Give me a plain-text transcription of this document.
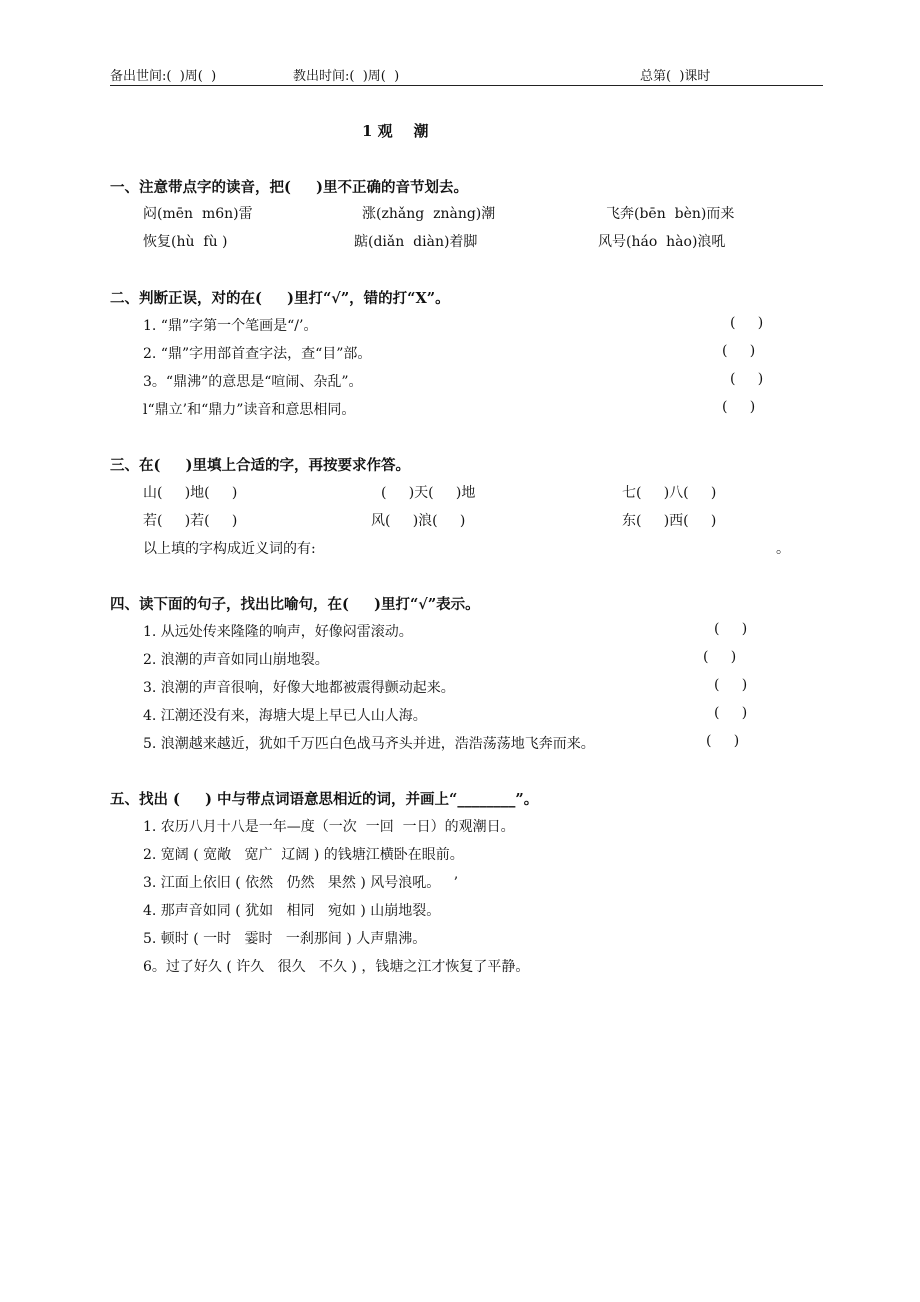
备出世间:(  )周(  )	教出时间:(  )周(  )	总第(  )课时
1 观    潮
一、注意带点字的读音，把(     )里不正确的音节划去。
闷(mēn  m6n)雷	涨(zhǎng  znàng)潮	飞奔(bēn  bèn)而来
恢复(hù  fù )	踮(diǎn  diàn)着脚	风号(háo  hào)浪吼
二、判断正误，对的在(     )里打“√”，错的打“X”。
1. “鼎”字第一个笔画是“/’。	(     )
2. “鼎”字用部首查字法，查“目”部。	(     )
3。“鼎沸”的意思是“喧闹、杂乱”。	(     )
l“鼎立’和“鼎力”读音和意思相同。	(     )
三、在(     )里填上合适的字，再按要求作答。
山(     )地(     )	(     )天(     )地	七(     )八(     )
若(     )若(     )	风(     )浪(     )	东(     )西(     )
以上填的字构成近义词的有:	。
四、读下面的句子，找出比喻句，在(     )里打“√”表示。
1. 从远处传来隆隆的响声，好像闷雷滚动。	(     )
2. 浪潮的声音如同山崩地裂。	(     )
3. 浪潮的声音很响，好像大地都被震得颤动起来。	(     )
4. 江潮还没有来，海塘大堤上早已人山人海。	(     )
5. 浪潮越来越近，犹如千万匹白色战马齐头并进，浩浩荡荡地飞奔而来。	(     )
五、找出 (     ) 中与带点词语意思相近的词，并画上“________”。
1. 农历八月十八是一年—度（一次  一回  一日）的观潮日。
2. 宽阔 ( 宽敞   宽广  辽阔 ) 的钱塘江横卧在眼前。
3. 江面上依旧 ( 依然   仍然   果然 ) 风号浪吼。   ’
4. 那声音如同 ( 犹如   相同   宛如 ) 山崩地裂。
5. 顿时 ( 一时   霎时   一刹那间 ) 人声鼎沸。
6。过了好久 ( 许久   很久   不久 ) ，钱塘之江才恢复了平静。
